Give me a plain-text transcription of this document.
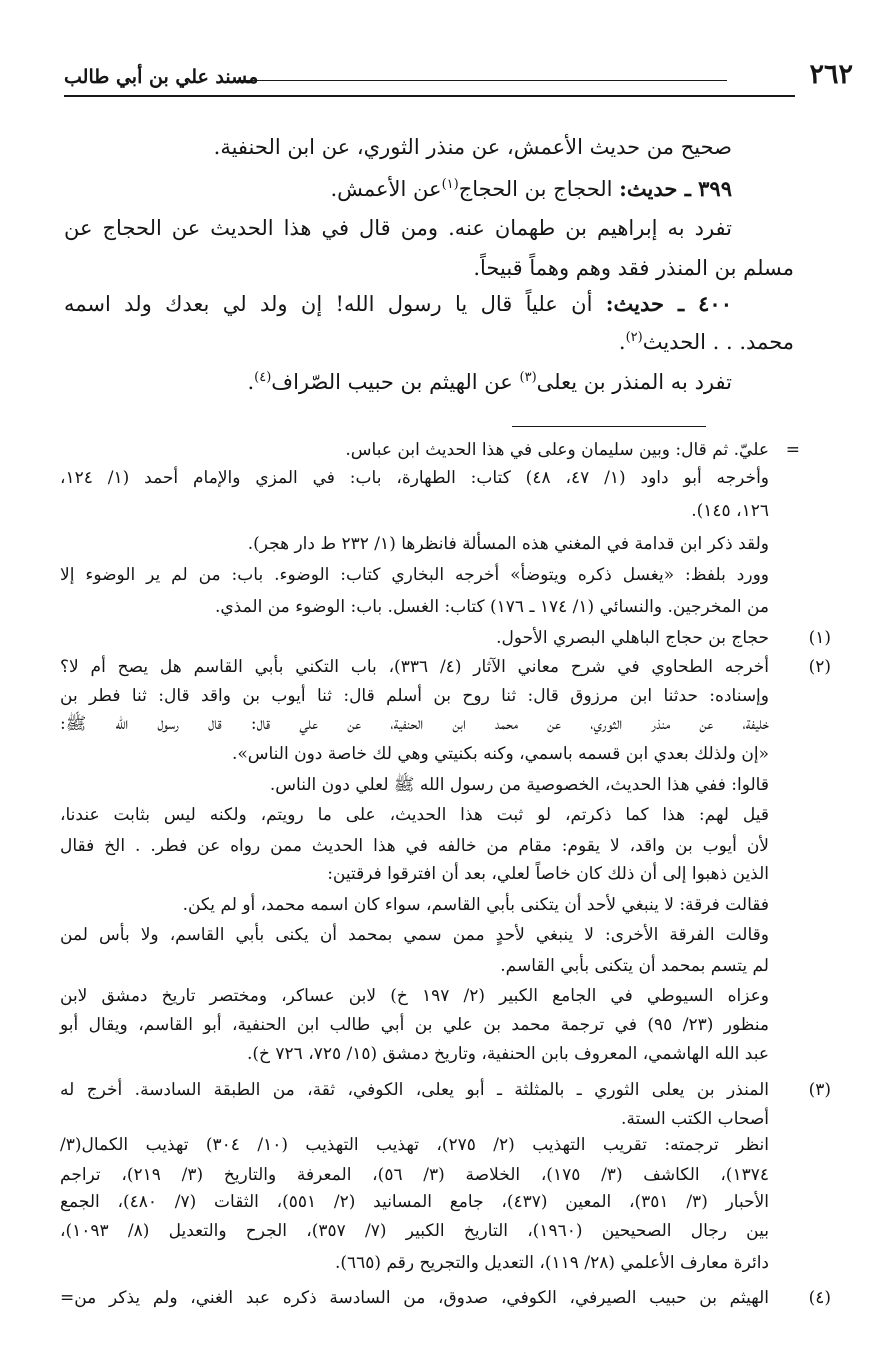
٢٦٢
مسند علي بن أبي طالب
صحيح من حديث الأعمش، عن منذر الثوري، عن ابن الحنفية.
٣٩٩ ـ حديث: الحجاج بن الحجاج$^{(١)}$عن الأعمش.
تفرد به إبراهيم بن طهمان عنه. ومن قال في هذا الحديث عن الحجاج عن
مسلم بن المنذر فقد وهم وهماً قبيحاً.
٤٠٠ ـ حديث: أن علياً قال يا رسول الله! إن ولد لي بعدك ولد اسمه
محمد. . . الحديث$^{(٢)}$.
تفرد به المنذر بن يعلى$^{(٣)}$ عن الهيثم بن حبيب الصّراف$^{(٤)}$.
=
عليّ. ثم قال: وبين سليمان وعلى في هذا الحديث ابن عباس.
وأخرجه أبو داود (١/ ٤٧، ٤٨) كتاب: الطهارة، باب: في المزي والإمام أحمد (١/ ١٢٤،
١٢٦، ١٤٥).
ولقد ذكر ابن قدامة في المغني هذه المسألة فانظرها (١/ ٢٣٢ ط دار هجر).
وورد بلفظ: «يغسل ذكره ويتوضأ» أخرجه البخاري كتاب: الوضوء. باب: من لم ير الوضوء إلا
من المخرجين. والنسائي (١/ ١٧٤ ـ ١٧٦) كتاب: الغسل. باب: الوضوء من المذي.
(١)
حجاج بن حجاج الباهلي البصري الأحول.
(٢)
أخرجه الطحاوي في شرح معاني الآثار (٤/ ٣٣٦)، باب التكني بأبي القاسم هل يصح أم لا؟
وإسناده: حدثنا ابن مرزوق قال: ثنا روح بن أسلم قال: ثنا أيوب بن واقد قال: ثنا فطر بن
خليفة، عن منذر الثوري، عن محمد ابن الحنفية، عن علي قال: قال رسول الله ﷺ:
«إن ولذلك بعدي ابن قسمه باسمي، وكنه بكنيتي وهي لك خاصة دون الناس».
قالوا: ففي هذا الحديث، الخصوصية من رسول الله ﷺ لعلي دون الناس.
قيل لهم: هذا كما ذكرتم، لو ثبت هذا الحديث، على ما رويتم، ولكنه ليس بثابت عندنا،
لأن أيوب بن واقد، لا يقوم: مقام من خالفه في هذا الحديث ممن رواه عن فطر. . الخ فقال
الذين ذهبوا إلى أن ذلك كان خاصاً لعلي، بعد أن افترقوا فرقتين:
فقالت فرقة: لا ينبغي لأحد أن يتكنى بأبي القاسم، سواء كان اسمه محمد، أو لم يكن.
وقالت الفرقة الأخرى: لا ينبغي لأحدٍ ممن سمي بمحمد أن يكنى بأبي القاسم، ولا بأس لمن
لم يتسم بمحمد أن يتكنى بأبي القاسم.
وعزاه السيوطي في الجامع الكبير (٢/ ١٩٧ خ) لابن عساكر، ومختصر تاريخ دمشق لابن
منظور (٢٣/ ٩٥) في ترجمة محمد بن علي بن أبي طالب ابن الحنفية، أبو القاسم، ويقال أبو
عبد الله الهاشمي، المعروف بابن الحنفية، وتاريخ دمشق (١٥/ ٧٢٥، ٧٢٦ خ).
(٣)
المنذر بن يعلى الثوري ـ بالمثلثة ـ أبو يعلى، الكوفي، ثقة، من الطبقة السادسة. أخرج له
أصحاب الكتب الستة.
انظر ترجمته: تقريب التهذيب (٢/ ٢٧٥)، تهذيب التهذيب (١٠/ ٣٠٤) تهذيب الكمال(٣/
١٣٧٤)، الكاشف (٣/ ١٧٥)، الخلاصة (٣/ ٥٦)، المعرفة والتاريخ (٣/ ٢١٩)، تراجم
الأحبار (٣/ ٣٥١)، المعين (٤٣٧)، جامع المسانيد (٢/ ٥٥١)، الثقات (٧/ ٤٨٠)، الجمع
بين رجال الصحيحين (١٩٦٠)، التاريخ الكبير (٧/ ٣٥٧)، الجرح والتعديل (٨/ ١٠٩٣)،
دائرة معارف الأعلمي (٢٨/ ١١٩)، التعديل والتجريح رقم (٦٦٥).
(٤)
الهيثم بن حبيب الصيرفي، الكوفي، صدوق، من السادسة ذكره عبد الغني، ولم يذكر من=
